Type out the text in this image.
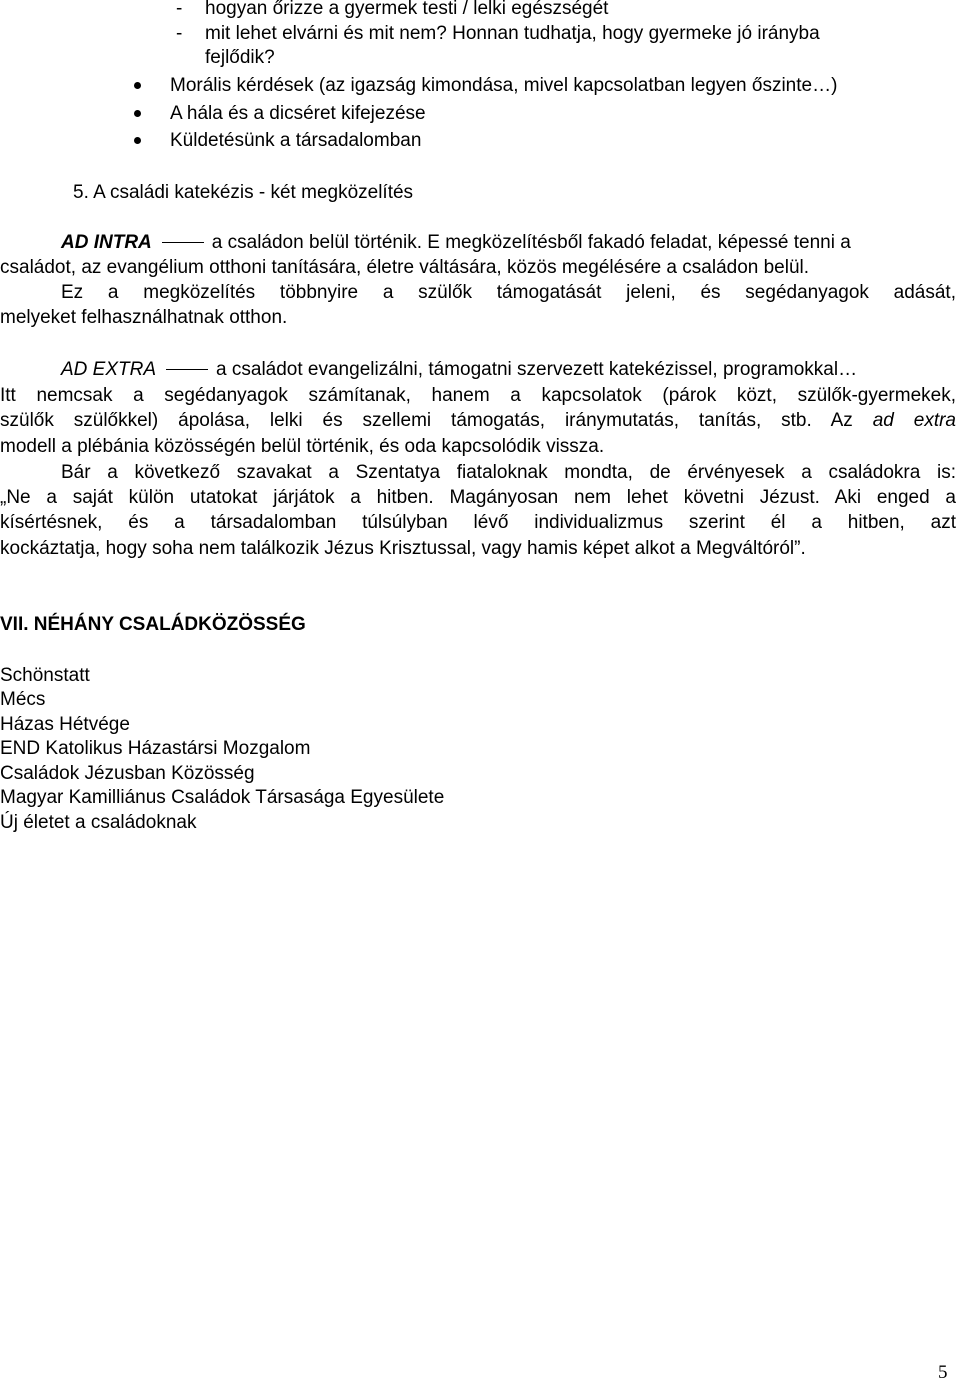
- hogyan őrizze a gyermek testi / lelki egészségét
- mit lehet elvárni és mit nem? Honnan tudhatja, hogy gyermeke jó irányba
fejlődik?
Morális kérdések (az igazság kimondása, mivel kapcsolatban legyen őszinte…)
A hála és a dicséret kifejezése
Küldetésünk a társadalomban
5. A családi katekézis - két megközelítés
AD INTRA	a családon belül történik. E megközelítésből fakadó feladat, képessé tenni a
családot, az evangélium otthoni tanítására, életre váltására, közös megélésére a családon belül.
Ez a megközelítés többnyire a szülők támogatását jeleni, és segédanyagok adását,
melyeket felhasználhatnak otthon.
AD EXTRA	a családot evangelizálni, támogatni szervezett katekézissel, programokkal…
Itt nemcsak a segédanyagok számítanak, hanem a kapcsolatok (párok közt, szülők-gyermekek,
szülők szülőkkel) ápolása, lelki és szellemi támogatás, iránymutatás, tanítás, stb. Az ad extra
modell a plébánia közösségén belül történik, és oda kapcsolódik vissza.
Bár a következő szavakat a Szentatya fiataloknak mondta, de érvényesek a családokra is:
„Ne a saját külön utatokat járjátok a hitben. Magányosan nem lehet követni Jézust. Aki enged a
kísértésnek, és a társadalomban túlsúlyban lévő individualizmus szerint él a hitben, azt
kockáztatja, hogy soha nem találkozik Jézus Krisztussal, vagy hamis képet alkot a Megváltóról”.
VII. NÉHÁNY CSALÁDKÖZÖSSÉG
Schönstatt
Mécs
Házas Hétvége
END Katolikus Házastársi Mozgalom
Családok Jézusban Közösség
Magyar Kamilliánus Családok Társasága Egyesülete
Új életet a családoknak
5
